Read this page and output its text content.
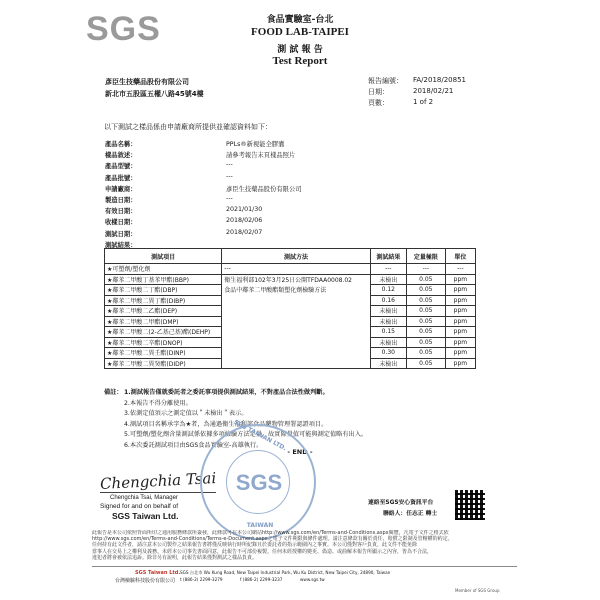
SGS	食品實驗室-台北
FOOD LAB-TAIPEI
測 試 報 告
Test Report
彥臣生技藥品股份有限公司
新北市五股區五權八路45號4樓
報告編號：	FA/2018/20851
日期：	2018/02/21
頁數：	1 of 2
以下測試之樣品係由申請廠商所提供並確認資料如下：
產品名稱：	PPLs®新視能全膠囊
樣品敘述：	請參考報告末頁樣品照片
產品型號：	---
產品批號：	---
申請廠商：	彥臣生技藥品股份有限公司
製造日期：	---
有效日期：	2021/01/30
收樣日期：	2018/02/06
測試日期：	2018/02/07
測試結果：
測試項目	測試方法	測試結果	定量極限	單位
★可塑劑/塑化劑	---	---	---	---
★鄰苯二甲酸丁基苯甲酯(BBP)	衛生福利部102年3月25日公開TFDAA0008.02	未檢出	0.05	ppm
★鄰苯二甲酸二丁酯(DBP)	食品中鄰苯二甲酸酯類塑化劑檢驗方法	0.12	0.05	ppm
★鄰苯二甲酸二異丁酯(DIBP)		0.16	0.05	ppm
★鄰苯二甲酸二乙酯(DEP)		未檢出	0.05	ppm
★鄰苯二甲酸二甲酯(DMP)		未檢出	0.05	ppm
★鄰苯二甲酸二(2-乙基己基)酯(DEHP)		0.15	0.05	ppm
★鄰苯二甲酸二辛酯(DNOP)		未檢出	0.05	ppm
★鄰苯二甲酸二異壬酯(DINP)		0.30	0.05	ppm
★鄰苯二甲酸二異癸酯(DIDP)		未檢出	0.05	ppm
備註： 1.測試報告僅就委託者之委託事項提供測試結果，不對產品合法性做判斷。
2.本報告不得分離使用。
3.依測定值須示之測定值以＂未檢出＂表示。
4.測試項目名稱承字為★者，為通過衛生福利部食品藥物管理署認證項目。
5.可塑劑/塑化劑含量測試係依據多項檢驗方法定量，故實際量值可能與測定值略有出入。
6.本次委託測試項目由SGS食品實驗室-高雄執行。
- END -
Chengchia Tsai
Chengchia Tsai, Manager
Signed for and on behalf of
SGS Taiwan Ltd.
SGS TAIWAN LTD.
SGS
TAIWAN
連絡至SGS安心資訊平台
聯絡人：任志正 轉士
此報告是本公司依照背面所印之通用服務條款所簽發，此條款可在本公司網站http://www.sgs.com/en/Terms-and-Conditions.aspx閱覽，凡電子文件之格式依
http://www.sgs.com/en/Terms-and-Conditions/Terms-e-Document.aspx之電子文件期限與條件處理。請注意條款有關於責任、賠償之限制及管轄權的約定。
任何持有此文件者，請注意本公司製作之結果報告書將僅反映執行時所紀錄且於委託者的指示範圍內之事實。本公司僅對客戶負責，此文件不能免除
當事人在交易上之權利及義務。未經本公司事先書面同意，此報告不可部份複製。任何未經授權的變更、偽造、或曲解本報告所顯示之內容，皆為不合法，
違犯者將會被依法追訴。除非另有說明，此報告結果僅對測試之樣品負責。
SGS Taiwan Ltd.
台灣檢驗科技股份有限公司
SGS 台北市 Wu Kung Road, New Taipei Industrial Park, Wu Ku District, New Taipei City, 24890, Taiwan
t (886-2) 2299-3279	f (886-2) 2299-3237	www.sgs.tw
Member of SGS Group
